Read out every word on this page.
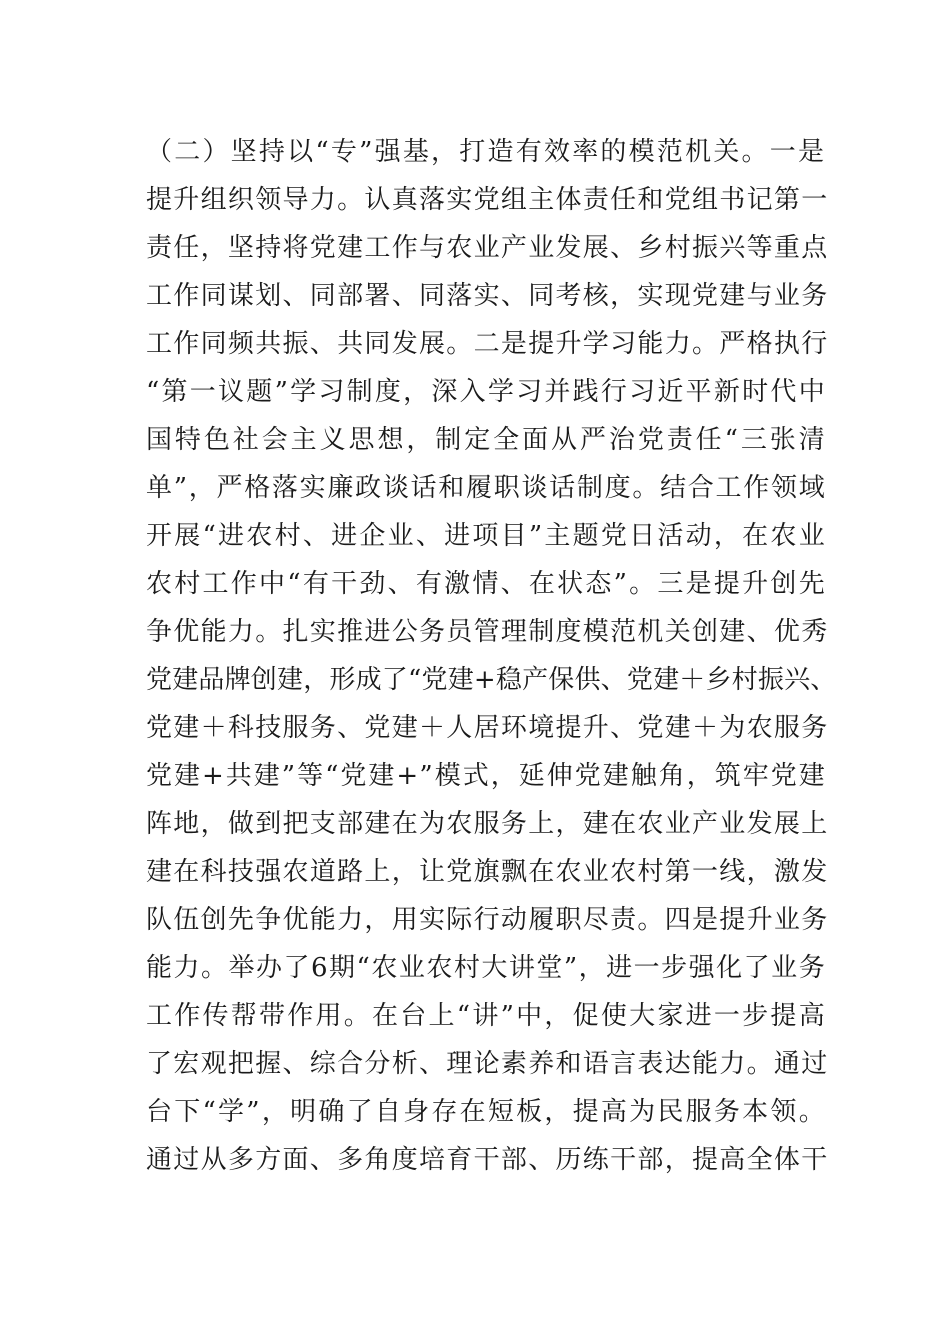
（二）坚持以“专”强基，打造有效率的模范机关。一是
提升组织领导力。认真落实党组主体责任和党组书记第一
责任，坚持将党建工作与农业产业发展、乡村振兴等重点
工作同谋划、同部署、同落实、同考核，实现党建与业务
工作同频共振、共同发展。二是提升学习能力。严格执行
“第一议题”学习制度，深入学习并践行习近平新时代中
国特色社会主义思想，制定全面从严治党责任“三张清
单”，严格落实廉政谈话和履职谈话制度。结合工作领域
开展“进农村、进企业、进项目”主题党日活动，在农业
农村工作中“有干劲、有激情、在状态”。三是提升创先
争优能力。扎实推进公务员管理制度模范机关创建、优秀
党建品牌创建，形成了“党建+稳产保供、党建＋乡村振兴、
党建＋科技服务、党建＋人居环境提升、党建＋为农服务
党建+共建”等“党建+”模式，延伸党建触角，筑牢党建
阵地，做到把支部建在为农服务上，建在农业产业发展上
建在科技强农道路上，让党旗飘在农业农村第一线，激发
队伍创先争优能力，用实际行动履职尽责。四是提升业务
能力。举办了6期“农业农村大讲堂”，进一步强化了业务
工作传帮带作用。在台上“讲”中，促使大家进一步提高
了宏观把握、综合分析、理论素养和语言表达能力。通过
台下“学”，明确了自身存在短板，提高为民服务本领。
通过从多方面、多角度培育干部、历练干部，提高全体干
